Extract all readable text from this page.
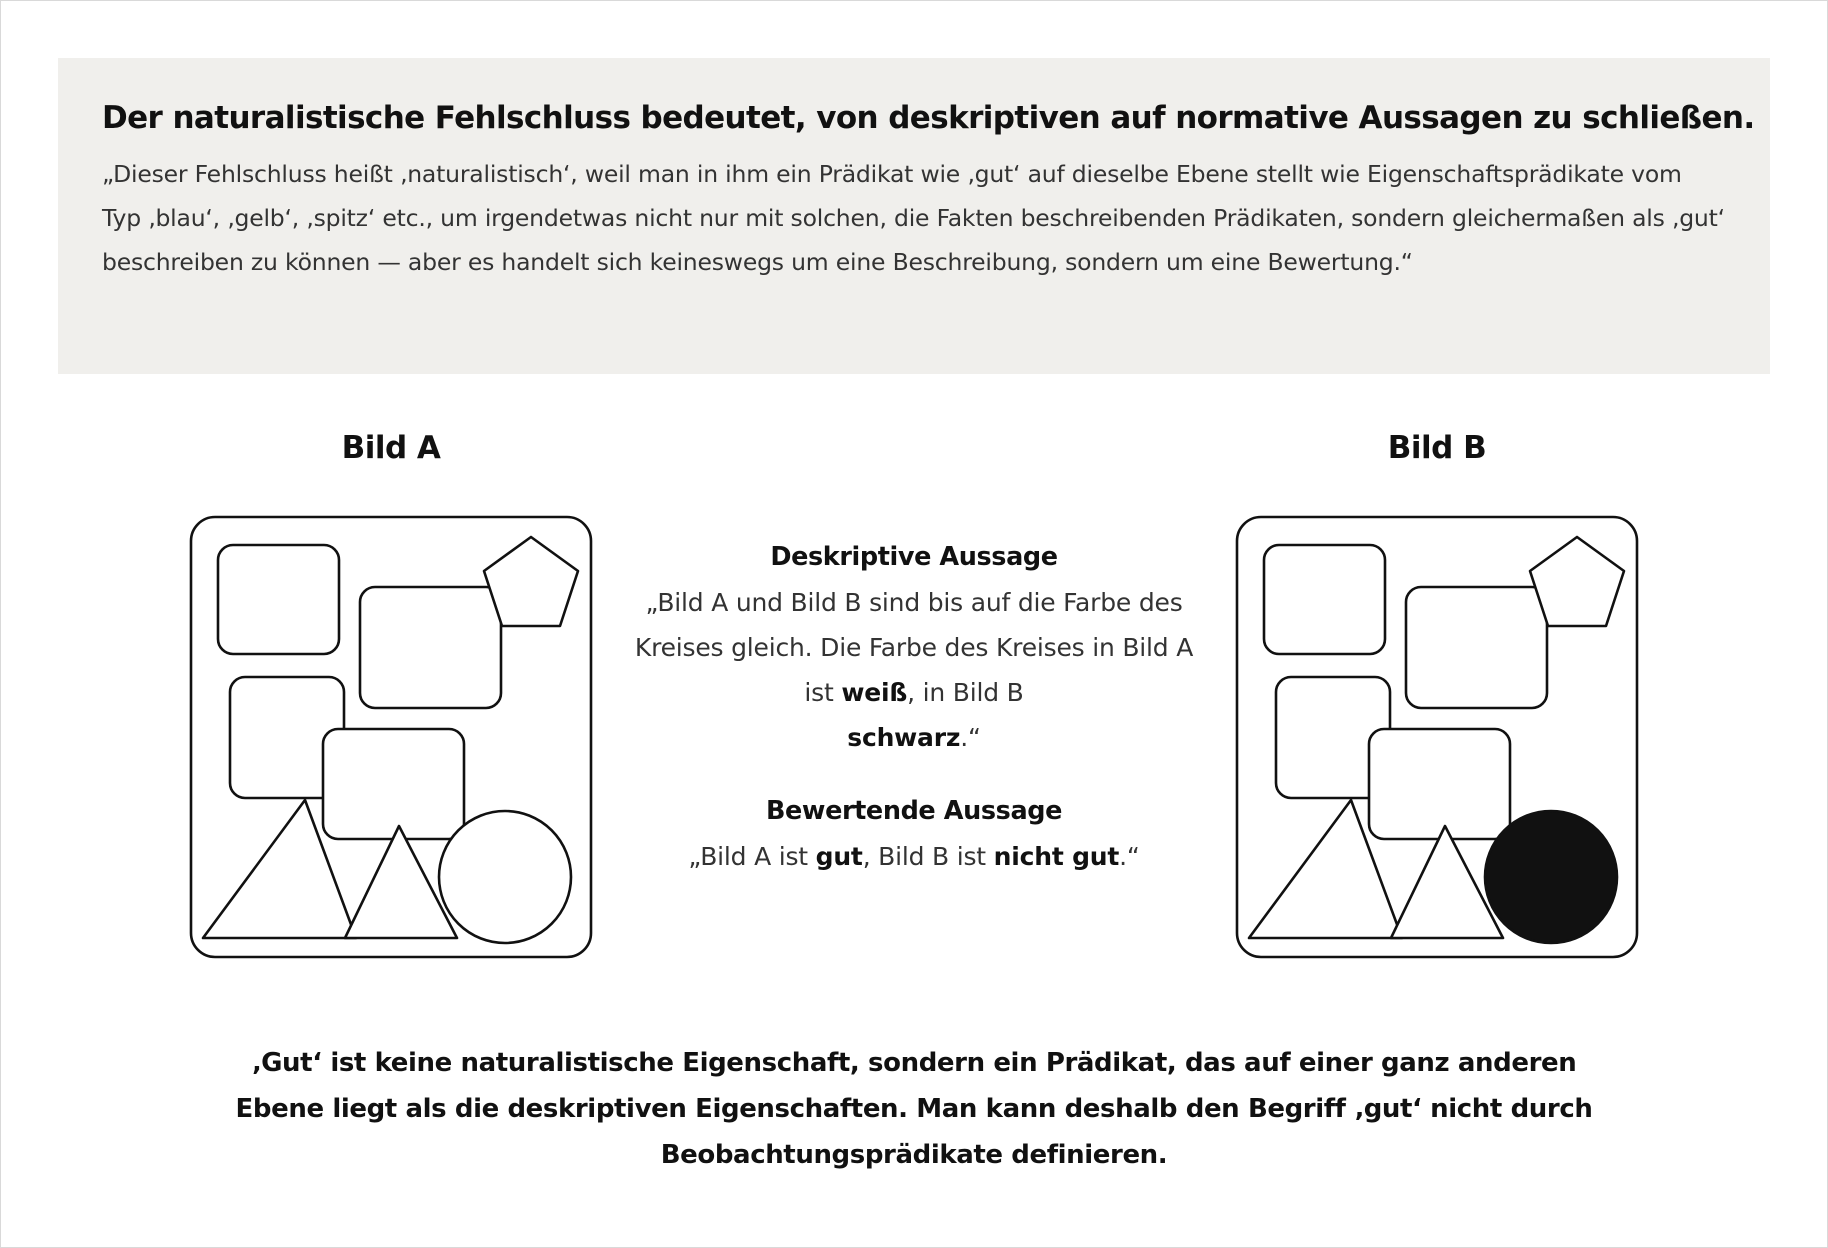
Der naturalistische Fehlschluss bedeutet, von deskriptiven auf normative Aussagen zu schließen.

„Dieser Fehlschluss heißt ‚naturalistisch‘, weil man in ihm ein Prädikat wie ‚gut‘ auf dieselbe Ebene stellt wie Eigenschaftsprädikate vom Typ ‚blau‘, ‚gelb‘, ‚spitz‘ etc., um irgendetwas nicht nur mit solchen, die Fakten beschreibenden Prädikaten, sondern gleichermaßen als ‚gut‘ beschreiben zu können — aber es handelt sich keineswegs um eine Beschreibung, sondern um eine Bewertung.“

Bild A	Bild B
Deskriptive Aussage

„Bild A und Bild B sind bis auf die Farbe des Kreises gleich. Die Farbe des Kreises in Bild A ist weiß, in Bild B
schwarz.“

Bewertende Aussage

„Bild A ist gut, Bild B ist nicht gut.“

‚Gut‘ ist keine naturalistische Eigenschaft, sondern ein Prädikat, das auf einer ganz anderen Ebene liegt als die deskriptiven Eigenschaften. Man kann deshalb den Begriff ‚gut‘ nicht durch Beobachtungsprädikate definieren.
